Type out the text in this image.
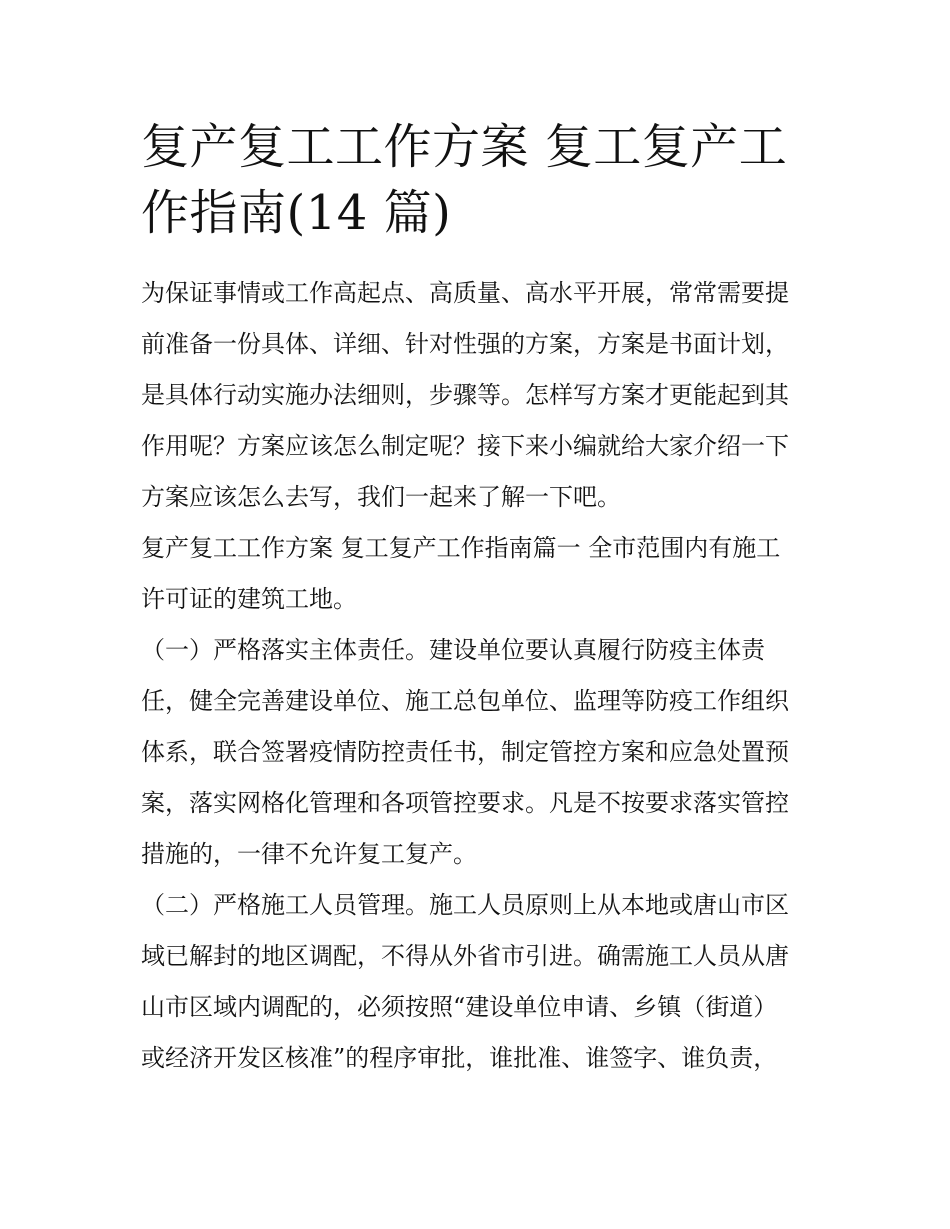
复产复工工作方案 复工复产工
作指南(14 篇)

为保证事情或工作高起点、高质量、高水平开展，常常需要提
前准备一份具体、详细、针对性强的方案，方案是书面计划，
是具体行动实施办法细则，步骤等。怎样写方案才更能起到其
作用呢？方案应该怎么制定呢？接下来小编就给大家介绍一下
方案应该怎么去写，我们一起来了解一下吧。

复产复工工作方案 复工复产工作指南篇一 全市范围内有施工
许可证的建筑工地。

（一）严格落实主体责任。建设单位要认真履行防疫主体责
任，健全完善建设单位、施工总包单位、监理等防疫工作组织
体系，联合签署疫情防控责任书，制定管控方案和应急处置预
案，落实网格化管理和各项管控要求。凡是不按要求落实管控
措施的，一律不允许复工复产。

（二）严格施工人员管理。施工人员原则上从本地或唐山市区
域已解封的地区调配，不得从外省市引进。确需施工人员从唐
山市区域内调配的，必须按照“建设单位申请、乡镇（街道）
或经济开发区核准”的程序审批，谁批准、谁签字、谁负责，
